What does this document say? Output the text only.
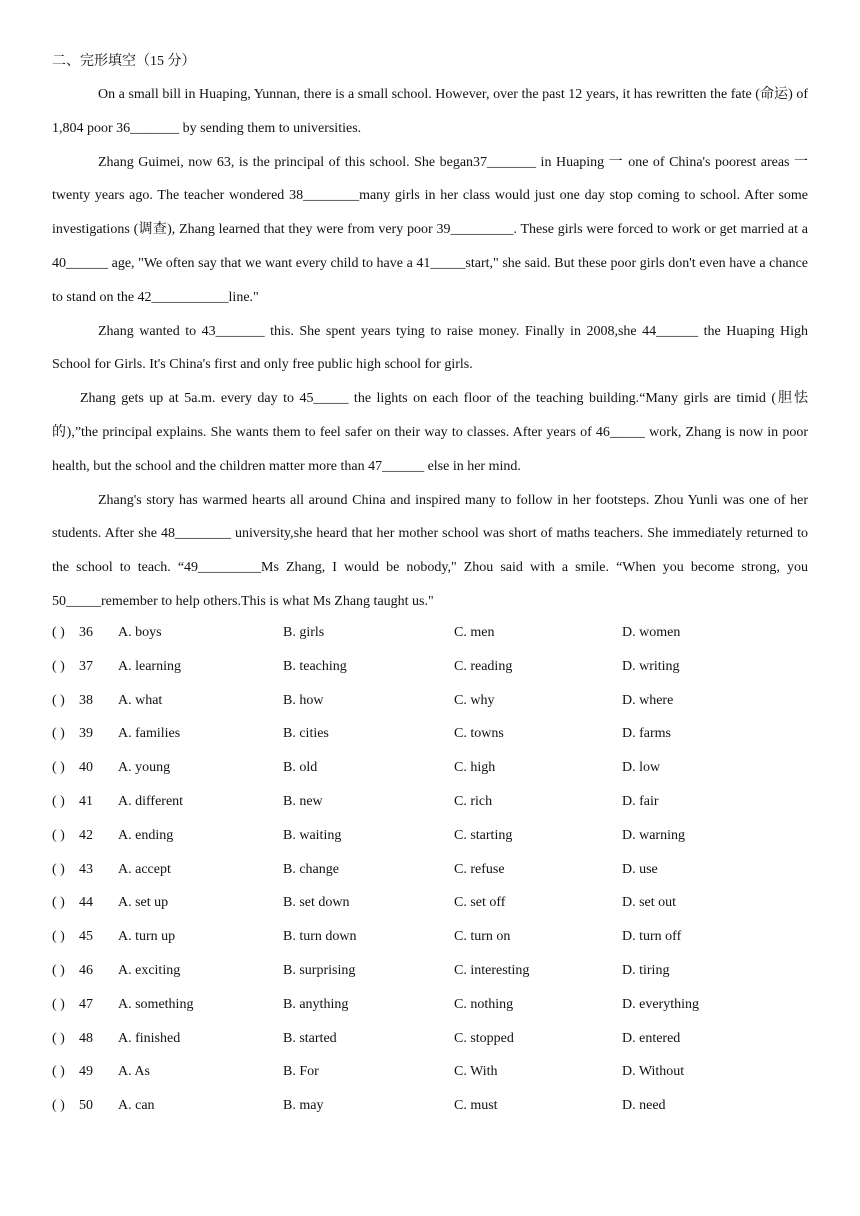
二、完形填空（15 分）

On a small bill in Huaping, Yunnan, there is a small school. However, over the past 12 years, it has rewritten the fate (命运) of 1,804 poor 36_______ by sending them to universities.

Zhang Guimei, now 63, is the principal of this school. She began37_______ in Huaping 一 one of China's poorest areas 一 twenty years ago. The teacher wondered 38________many girls in her class would just one day stop coming to school. After some investigations (调查), Zhang learned that they were from very poor 39_________. These girls were forced to work or get married at a 40______ age, "We often say that we want every child to have a 41_____start," she said. But these poor girls don't even have a chance to stand on the 42___________line."

Zhang wanted to 43_______ this. She spent years tying to raise money. Finally in 2008,she 44______ the Huaping High School for Girls. It's China's first and only free public high school for girls.

Zhang gets up at 5a.m. every day to 45_____ the lights on each floor of the teaching building.“Many girls are timid (胆怯的),”the principal explains. She wants them to feel safer on their way to classes. After years of 46_____ work, Zhang is now in poor health, but the school and the children matter more than 47______ else in her mind.

Zhang's story has warmed hearts all around China and inspired many to follow in her footsteps. Zhou Yunli was one of her students. After she 48________ university,she heard that her mother school was short of maths teachers. She immediately returned to the school to teach. “49_________Ms Zhang, I would be nobody," Zhou said with a smile. “When you become strong, you 50_____remember to help others.This is what Ms Zhang taught us."

( ) 36 A. boys	B. girls	C. men	D. women
( ) 37 A. learning	B. teaching	C. reading	D. writing
( ) 38 A. what	B. how	C. why	D. where
( ) 39 A. families	B. cities	C. towns	D. farms
( ) 40 A. young	B. old	C. high	D. low
( ) 41 A. different	B. new	C. rich	D. fair
( ) 42 A. ending	B. waiting	C. starting	D. warning
( ) 43 A. accept	B. change	C. refuse	D. use
( ) 44 A. set up	B. set down	C. set off	D. set out
( ) 45 A. turn up	B. turn down	C. turn on	D. turn off
( ) 46 A. exciting	B. surprising	C. interesting	D. tiring
( ) 47 A. something	B. anything	C. nothing	D. everything
( ) 48 A. finished	B. started	C. stopped	D. entered
( ) 49 A. As	B. For	C. With	D. Without
( ) 50 A. can	B. may	C. must	D. need
